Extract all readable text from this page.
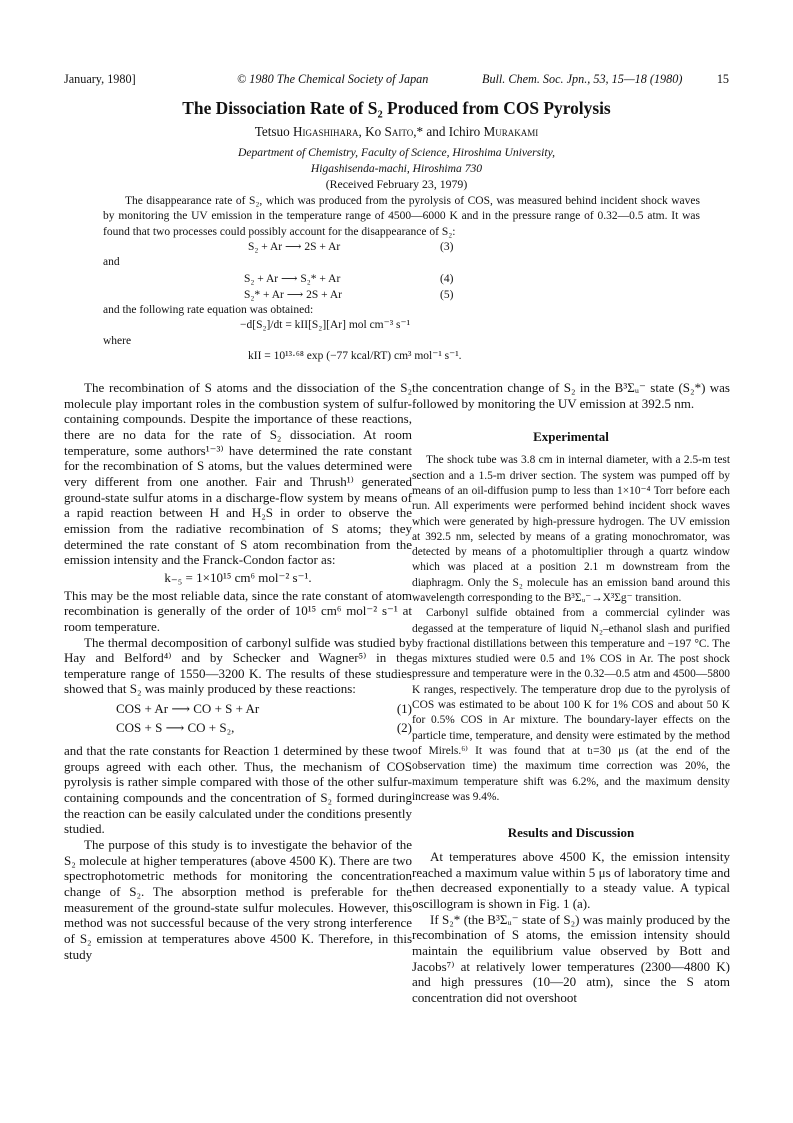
January, 1980]	© 1980 The Chemical Society of Japan	Bull. Chem. Soc. Jpn., 53, 15—18 (1980)	15
The Dissociation Rate of S₂ Produced from COS Pyrolysis
Tetsuo Higashihara, Ko Saito,* and Ichiro Murakami
Department of Chemistry, Faculty of Science, Hiroshima University,
Higashisenda-machi, Hiroshima 730
(Received February 23, 1979)

The disappearance rate of S₂, which was produced from the pyrolysis of COS, was measured behind incident shock waves by monitoring the UV emission in the temperature range of 4500—6000 K and in the pressure range of 0.32—0.5 atm. It was found that two processes could possibly account for the disappearance of S₂:

S₂ + Ar ⟶ 2S + Ar	(3)

and

S₂ + Ar ⟶ S₂* + Ar	(4)
S₂* + Ar ⟶ 2S + Ar	(5)

and the following rate equation was obtained:

−d[S₂]/dt = kII[S₂][Ar] mol cm⁻³ s⁻¹

where

kII = 10¹³·⁶⁸ exp (−77 kcal/RT) cm³ mol⁻¹ s⁻¹.

The recombination of S atoms and the dissociation of the S₂ molecule play important roles in the combustion system of sulfur-containing compounds. Despite the importance of these reactions, there are no data for the rate of S₂ dissociation. At room temperature, some authors¹⁻³⁾ have determined the rate constant for the recombination of S atoms, but the values determined were very different from one another. Fair and Thrush¹⁾ generated ground-state sulfur atoms in a discharge-flow system by means of a rapid reaction between H and H₂S in order to observe the emission from the radiative recombination of S atoms; they determined the rate constant of S atom recombination from the emission intensity and the Franck-Condon factor as:

k₋₅ = 1×10¹⁵ cm⁶ mol⁻² s⁻¹.

This may be the most reliable data, since the rate constant of atom recombination is generally of the order of 10¹⁵ cm⁶ mol⁻² s⁻¹ at room temperature.

The thermal decomposition of carbonyl sulfide was studied by Hay and Belford⁴⁾ and by Schecker and Wagner⁵⁾ in the temperature range of 1550—3200 K. The results of these studies showed that S₂ was mainly produced by these reactions:

COS + Ar ⟶ CO + S + Ar	(1)
COS + S ⟶ CO + S₂,	(2)

and that the rate constants for Reaction 1 determined by these two groups agreed with each other. Thus, the mechanism of COS pyrolysis is rather simple compared with those of the other sulfur-containing compounds and the concentration of S₂ formed during the reaction can be easily calculated under the conditions presently studied.

The purpose of this study is to investigate the behavior of the S₂ molecule at higher temperatures (above 4500 K). There are two spectrophotometric methods for monitoring the concentration change of S₂. The absorption method is preferable for the measurement of the ground-state sulfur molecules. However, this method was not successful because of the very strong interference of S₂ emission at temperatures above 4500 K. Therefore, in this study

the concentration change of S₂ in the B³Σᵤ⁻ state (S₂*) was followed by monitoring the UV emission at 392.5 nm.

Experimental

The shock tube was 3.8 cm in internal diameter, with a 2.5-m test section and a 1.5-m driver section. The system was pumped off by means of an oil-diffusion pump to less than 1×10⁻⁴ Torr before each run. All experiments were performed behind incident shock waves which were generated by high-pressure hydrogen. The UV emission at 392.5 nm, selected by means of a grating monochromator, was detected by means of a photomultiplier through a quartz window which was placed at a position 2.1 m downstream from the diaphragm. Only the S₂ molecule has an emission band around this wavelength corresponding to the B³Σᵤ⁻→X³Σg⁻ transition.

Carbonyl sulfide obtained from a commercial cylinder was degassed at the temperature of liquid N₂–ethanol slash and purified by fractional distillations between this temperature and −197 °C. The gas mixtures studied were 0.5 and 1% COS in Ar. The post shock pressure and temperature were in the 0.32—0.5 atm and 4500—5800 K ranges, respectively. The temperature drop due to the pyrolysis of COS was estimated to be about 100 K for 1% COS and about 50 K for 0.5% COS in Ar mixture. The boundary-layer effects on the particle time, temperature, and density were estimated by the method of Mirels.⁶⁾ It was found that at tₗ=30 μs (at the end of the observation time) the maximum time correction was 20%, the maximum temperature shift was 6.2%, and the maximum density increase was 9.4%.

Results and Discussion

At temperatures above 4500 K, the emission intensity reached a maximum value within 5 μs of laboratory time and then decreased exponentially to a steady value. A typical oscillogram is shown in Fig. 1 (a).

If S₂* (the B³Σᵤ⁻ state of S₂) was mainly produced by the recombination of S atoms, the emission intensity should maintain the equilibrium value observed by Bott and Jacobs⁷⁾ at relatively lower temperatures (2300—4800 K) and high pressures (10—20 atm), since the S atom concentration did not overshoot
